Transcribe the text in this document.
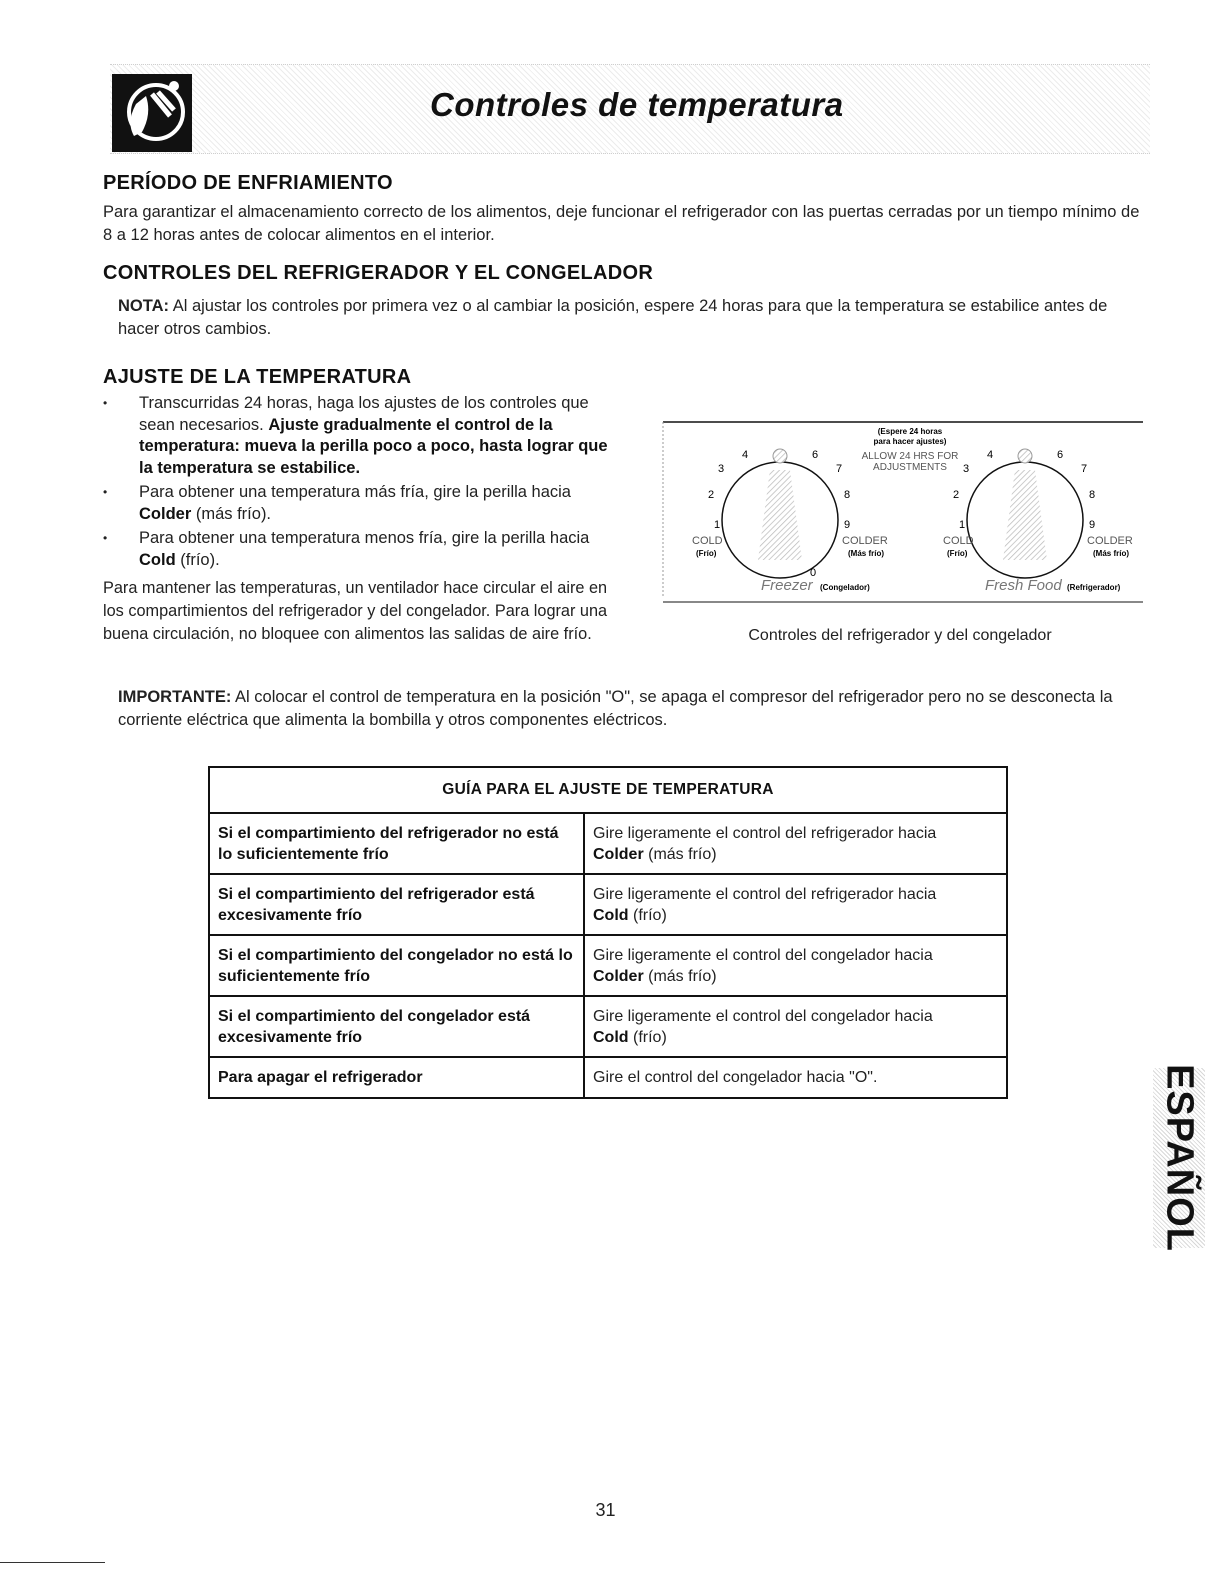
Controles de temperatura
PERÍODO DE ENFRIAMIENTO

Para garantizar el almacenamiento correcto de los alimentos, deje funcionar el refrigerador con las puertas cerradas por un tiempo mínimo de 8 a 12 horas antes de colocar alimentos en el interior.

CONTROLES DEL REFRIGERADOR Y EL CONGELADOR

NOTA: Al ajustar los controles por primera vez o al cambiar la posición, espere 24 horas para que la temperatura se estabilice antes de hacer otros cambios.

AJUSTE DE LA TEMPERATURA
• Transcurridas 24 horas, haga los ajustes de los controles que sean necesarios. Ajuste gradualmente el control de la temperatura: mueva la perilla poco a poco, hasta lograr que la temperatura se estabilice.
• Para obtener una temperatura más fría, gire la perilla hacia Colder (más frío).
• Para obtener una temperatura menos fría, gire la perilla hacia Cold (frío).

Para mantener las temperaturas, un ventilador hace circular el aire en los compartimientos del refrigerador y del congelador. Para lograr una buena circulación, no bloquee con alimentos las salidas de aire frío.

(Espere 24 horas
para hacer ajustes)
ALLOW 24 HRS FOR
ADJUSTMENTS
1
2
3
4	6
7
8
9
0
COLD
(Frío)
COLDER
(Más frío)
1
2
3
4	6
7
8
9
COLD
(Frío)
COLDER
(Más frío)
Freezer (Congelador)	Fresh Food (Refrigerador)
Controles del refrigerador y del congelador

IMPORTANTE: Al colocar el control de temperatura en la posición "O", se apaga el compresor del refrigerador pero no se desconecta la corriente eléctrica que alimenta la bombilla y otros componentes eléctricos.

GUÍA PARA EL AJUSTE DE TEMPERATURA	
Si el compartimiento del refrigerador no está lo suficientemente frío	Gire ligeramente el control del refrigerador hacia
Colder (más frío)
Si el compartimiento del refrigerador está excesivamente frío	Gire ligeramente el control del refrigerador hacia
Cold (frío)
Si el compartimiento del congelador no está lo suficientemente frío	Gire ligeramente el control del congelador hacia
Colder (más frío)
Si el compartimiento del congelador está excesivamente frío	Gire ligeramente el control del congelador hacia
Cold (frío)
Para apagar el refrigerador	Gire el control del congelador hacia "O".	ESPAÑOL
31
